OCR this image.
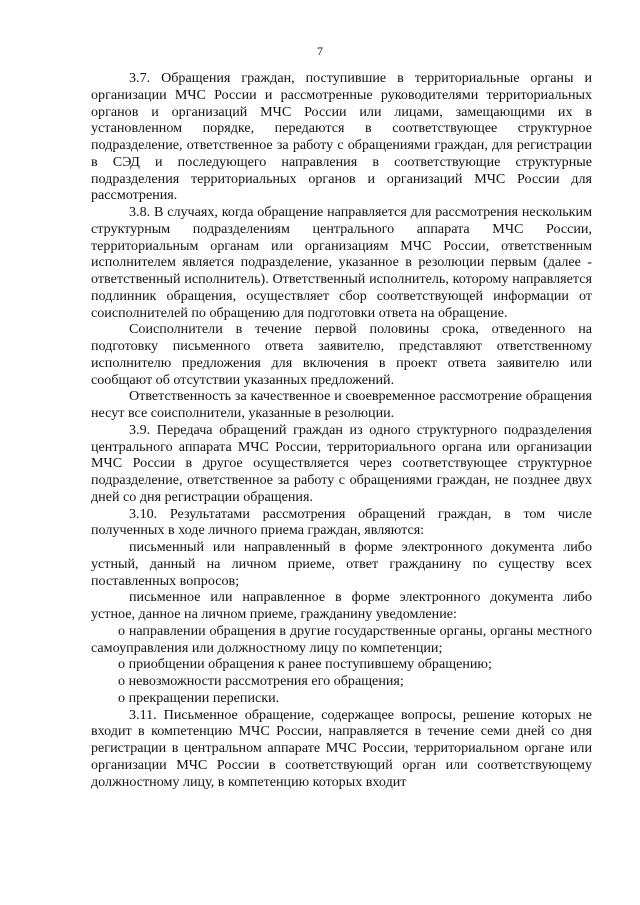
7

3.7. Обращения граждан, поступившие в территориальные органы и организации МЧС России и рассмотренные руководителями территориальных органов и организаций МЧС России или лицами, замещающими их в установленном порядке, передаются в соответствующее структурное подразделение, ответственное за работу с обращениями граждан, для регистрации в СЭД и последующего направления в соответствующие структурные подразделения территориальных органов и организаций МЧС России для рассмотрения.

3.8. В случаях, когда обращение направляется для рассмотрения нескольким структурным подразделениям центрального аппарата МЧС России, территориальным органам или организациям МЧС России, ответственным исполнителем является подразделение, указанное в резолюции первым (далее - ответственный исполнитель). Ответственный исполнитель, которому направляется подлинник обращения, осуществляет сбор соответствующей информации от соисполнителей по обращению для подготовки ответа на обращение.

Соисполнители в течение первой половины срока, отведенного на подготовку письменного ответа заявителю, представляют ответственному исполнителю предложения для включения в проект ответа заявителю или сообщают об отсутствии указанных предложений.

Ответственность за качественное и своевременное рассмотрение обращения несут все соисполнители, указанные в резолюции.

3.9. Передача обращений граждан из одного структурного подразделения центрального аппарата МЧС России, территориального органа или организации МЧС России в другое осуществляется через соответствующее структурное подразделение, ответственное за работу с обращениями граждан, не позднее двух дней со дня регистрации обращения.

3.10. Результатами рассмотрения обращений граждан, в том числе полученных в ходе личного приема граждан, являются:

письменный или направленный в форме электронного документа либо устный, данный на личном приеме, ответ гражданину по существу всех поставленных вопросов;

письменное или направленное в форме электронного документа либо устное, данное на личном приеме, гражданину уведомление:

о направлении обращения в другие государственные органы, органы местного самоуправления или должностному лицу по компетенции;

о приобщении обращения к ранее поступившему обращению;

о невозможности рассмотрения его обращения;

о прекращении переписки.

3.11. Письменное обращение, содержащее вопросы, решение которых не входит в компетенцию МЧС России, направляется в течение семи дней со дня регистрации в центральном аппарате МЧС России, территориальном органе или организации МЧС России в соответствующий орган или соответствующему должностному лицу, в компетенцию которых входит
